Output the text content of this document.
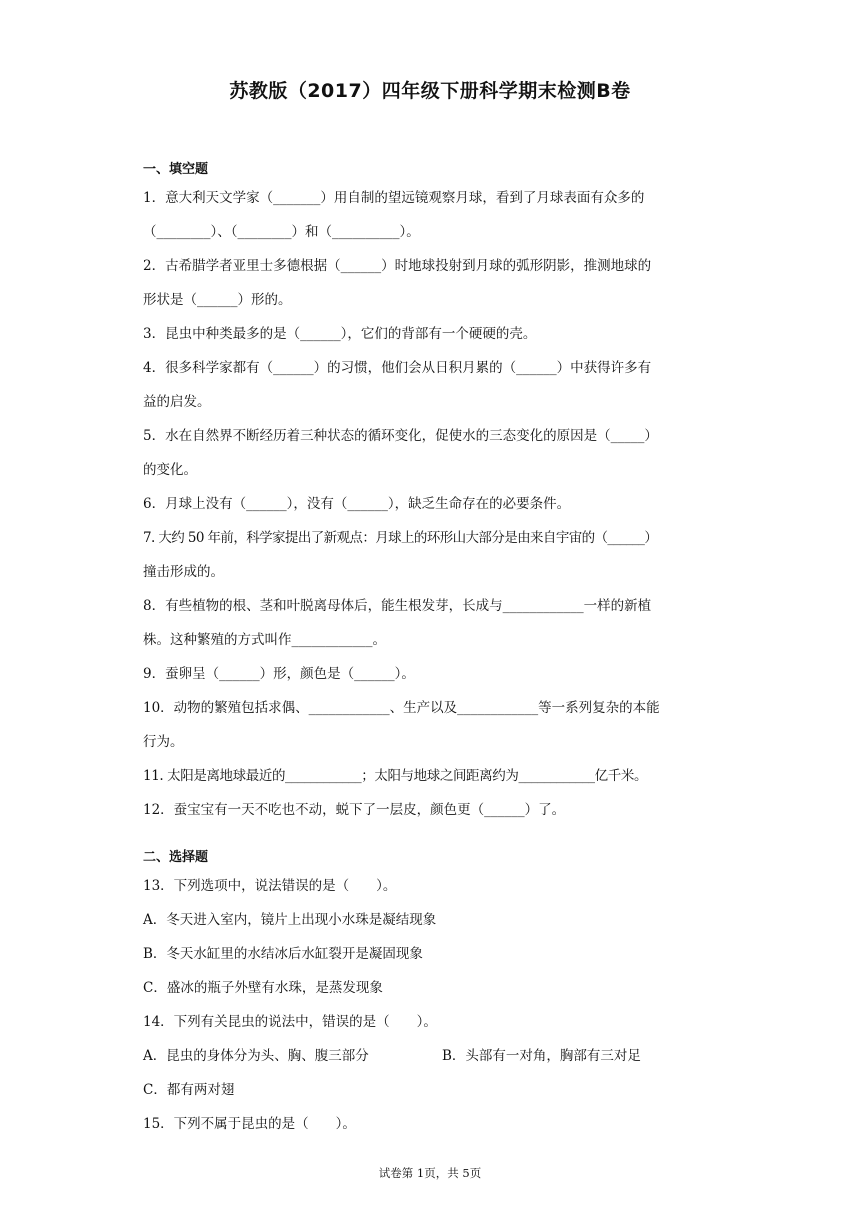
苏教版（2017）四年级下册科学期末检测B卷
一、填空题
1．意大利天文学家（_______）用自制的望远镜观察月球，看到了月球表面有众多的
（________）、（________）和（__________）。
2．古希腊学者亚里士多德根据（______）时地球投射到月球的弧形阴影，推测地球的
形状是（______）形的。
3．昆虫中种类最多的是（______），它们的背部有一个硬硬的壳。
4．很多科学家都有（______）的习惯，他们会从日积月累的（______）中获得许多有
益的启发。
5．水在自然界不断经历着三种状态的循环变化，促使水的三态变化的原因是（_____）
的变化。
6．月球上没有（______），没有（______），缺乏生命存在的必要条件。
7. 大约 50 年前，科学家提出了新观点：月球上的环形山大部分是由来自宇宙的（______）
撞击形成的。
8．有些植物的根、茎和叶脱离母体后，能生根发芽，长成与____________一样的新植
株。这种繁殖的方式叫作____________。
9．蚕卵呈（______）形，颜色是（______）。
10．动物的繁殖包括求偶、____________、生产以及____________等一系列复杂的本能
行为。
11. 太阳是离地球最近的____________；太阳与地球之间距离约为____________亿千米。
12．蚕宝宝有一天不吃也不动，蜕下了一层皮，颜色更（______）了。
二、选择题
13．下列选项中，说法错误的是（　　）。
A．冬天进入室内，镜片上出现小水珠是凝结现象
B．冬天水缸里的水结冰后水缸裂开是凝固现象
C．盛冰的瓶子外壁有水珠，是蒸发现象
14．下列有关昆虫的说法中，错误的是（　　）。
A．昆虫的身体分为头、胸、腹三部分	B．头部有一对角，胸部有三对足
C．都有两对翅
15．下列不属于昆虫的是（　　）。
试卷第 1页，共 5页
